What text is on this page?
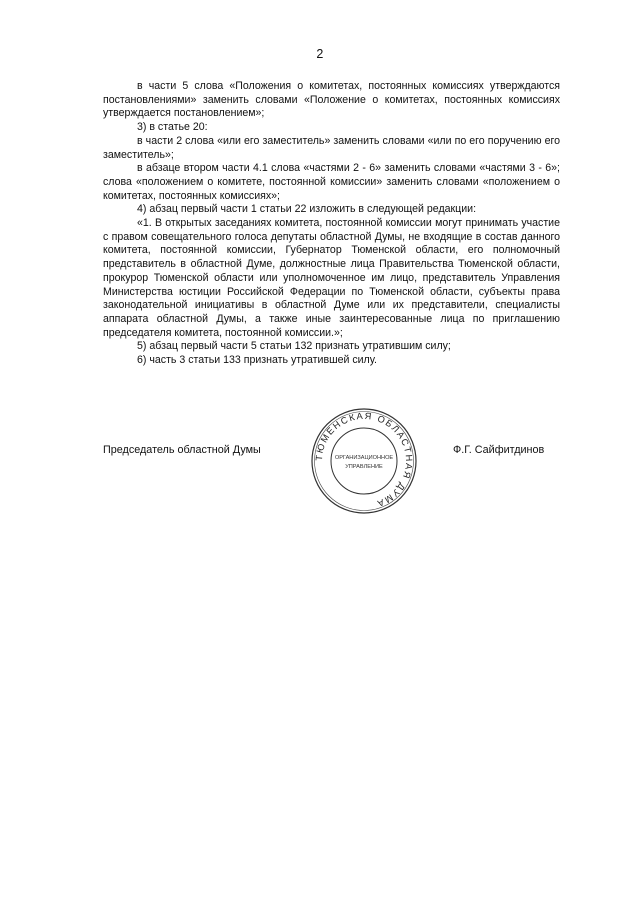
2

в части 5 слова «Положения о комитетах, постоянных комиссиях утверждаются постановлениями» заменить словами «Положение о комитетах, постоянных комиссиях утверждается постановлением»;

3) в статье 20:

в части 2 слова «или его заместитель» заменить словами «или по его поручению его заместитель»;

в абзаце втором части 4.1 слова «частями 2 - 6» заменить словами «частями 3 - 6»; слова «положением о комитете, постоянной комиссии» заменить словами «положением о комитетах, постоянных комиссиях»;

4) абзац первый части 1 статьи 22 изложить в следующей редакции:

«1. В открытых заседаниях комитета, постоянной комиссии могут принимать участие с правом совещательного голоса депутаты областной Думы, не входящие в состав данного комитета, постоянной комиссии, Губернатор Тюменской области, его полномочный представитель в областной Думе, должностные лица Правительства Тюменской области, прокурор Тюменской области или уполномоченное им лицо, представитель Управления Министерства юстиции Российской Федерации по Тюменской области, субъекты права законодательной инициативы в областной Думе или их представители, специалисты аппарата областной Думы, а также иные заинтересованные лица по приглашению председателя комитета, постоянной комиссии.»;

5) абзац первый части 5 статьи 132 признать утратившим силу;

6) часть 3 статьи 133 признать утратившей силу.

Председатель областной Думы
ТЮМЕНСКАЯ ОБЛАСТНАЯ ДУМА
ОРГАНИЗАЦИОННОЕ
УПРАВЛЕНИЕ
Ф.Г. Сайфитдинов
